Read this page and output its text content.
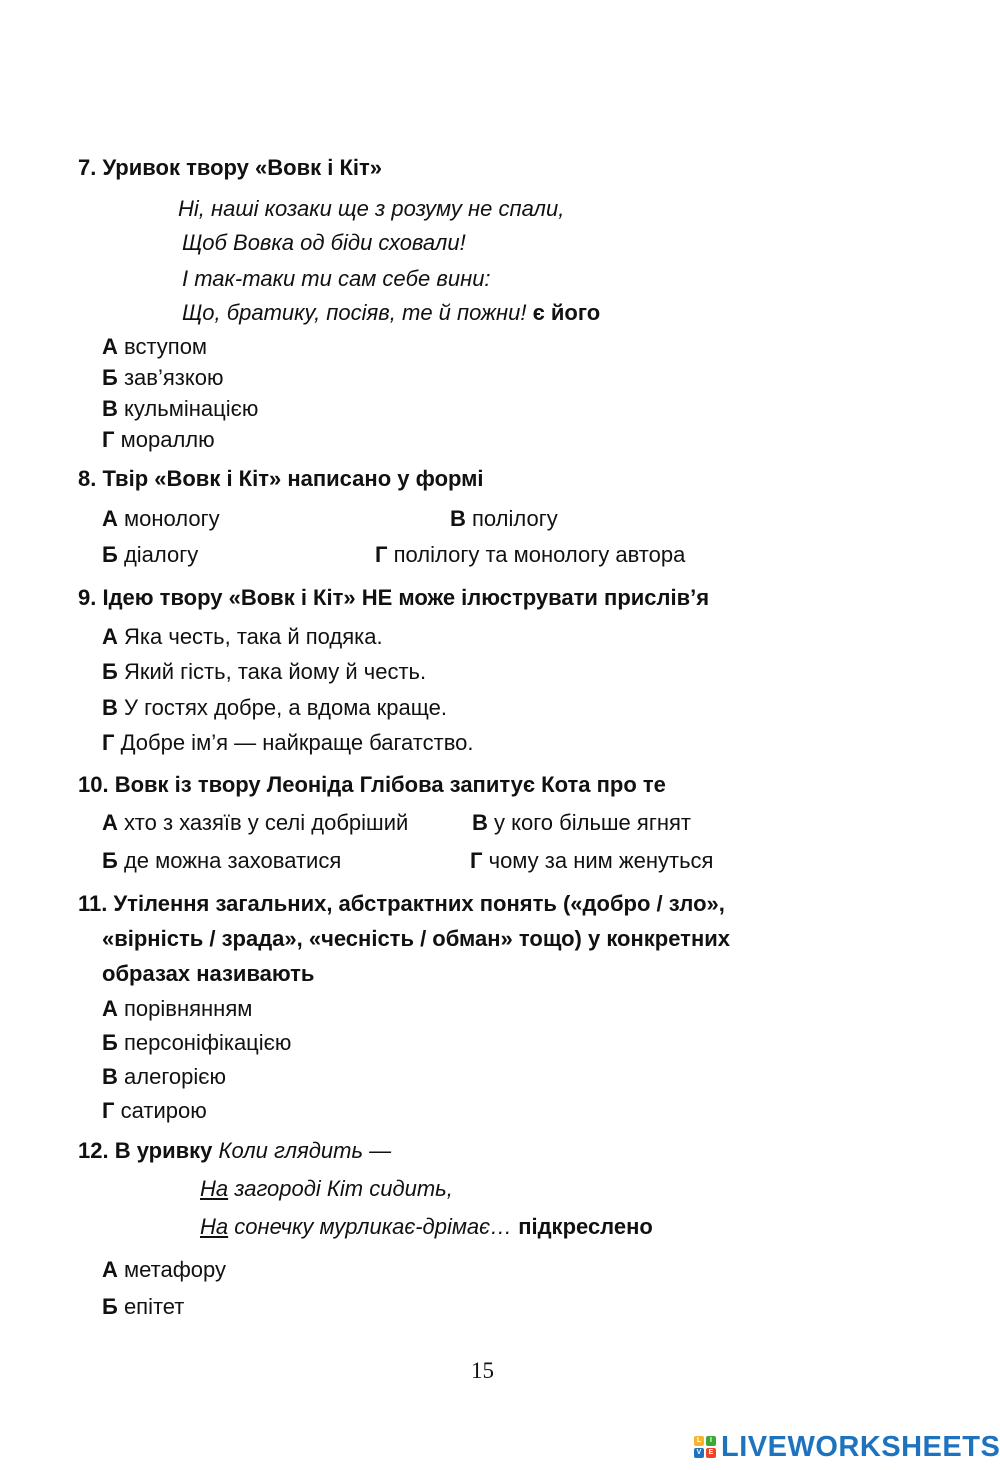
7. Уривок твору «Вовк і Кіт»
Ні, наші козаки ще з розуму не спали,
Щоб Вовка од біди сховали!
І так-таки ти сам себе вини:
Що, братику, посіяв, те й пожни! є його
А вступом
Б зав’язкою
В кульмінацією
Г мораллю
8. Твір «Вовк і Кіт» написано у формі
А монологу	В полілогу
Б діалогу	Г полілогу та монологу автора
9. Ідею твору «Вовк і Кіт» НЕ може ілюструвати прислів’я
А Яка честь, така й подяка.
Б Який гість, така йому й честь.
В У гостях добре, а вдома краще.
Г Добре ім’я — найкраще багатство.
10. Вовк із твору Леоніда Глібова запитує Кота про те
А хто з хазяїв у селі добріший	В у кого більше ягнят
Б де можна заховатися	Г чому за ним женуться
11. Утілення загальних, абстрактних понять («добро / зло»,
«вірність / зрада», «чесність / обман» тощо) у конкретних
образах називають
А порівнянням
Б персоніфікацією
В алегорією
Г сатирою
12. В уривку Коли глядить —
На загороді Кіт сидить,
На сонечку мурликає-дрімає… підкреслено
А метафору
Б епітет
15
L	I
V	E LIVEWORKSHEETS
